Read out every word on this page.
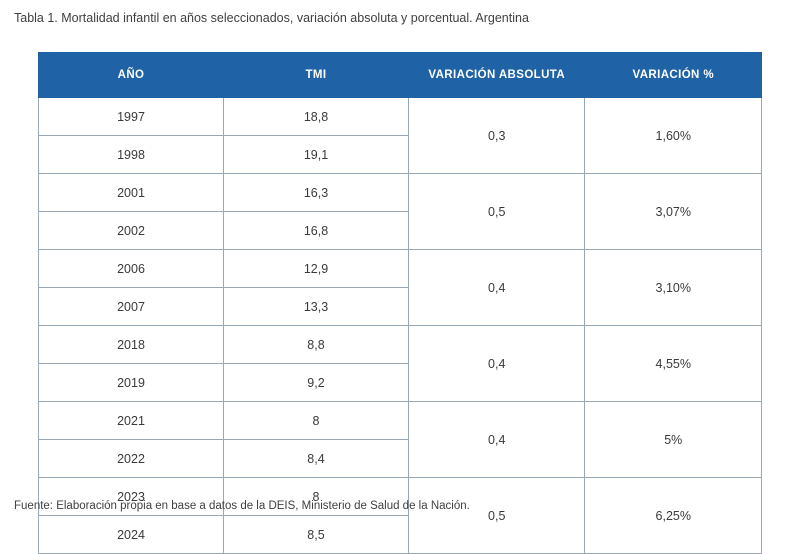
Tabla 1. Mortalidad infantil en años seleccionados, variación absoluta y porcentual. Argentina
AÑO	TMI	VARIACIÓN ABSOLUTA	VARIACIÓN %
1997	18,8	0,3	1,60%
1998	19,1		
2001	16,3	0,5	3,07%
2002	16,8		
2006	12,9	0,4	3,10%
2007	13,3		
2018	8,8	0,4	4,55%
2019	9,2		
2021	8	0,4	5%
2022	8,4		
2023	8	0,5	6,25%
2024	8,5		
Fuente: Elaboración propia en base a datos de la DEIS, Ministerio de Salud de la Nación.
